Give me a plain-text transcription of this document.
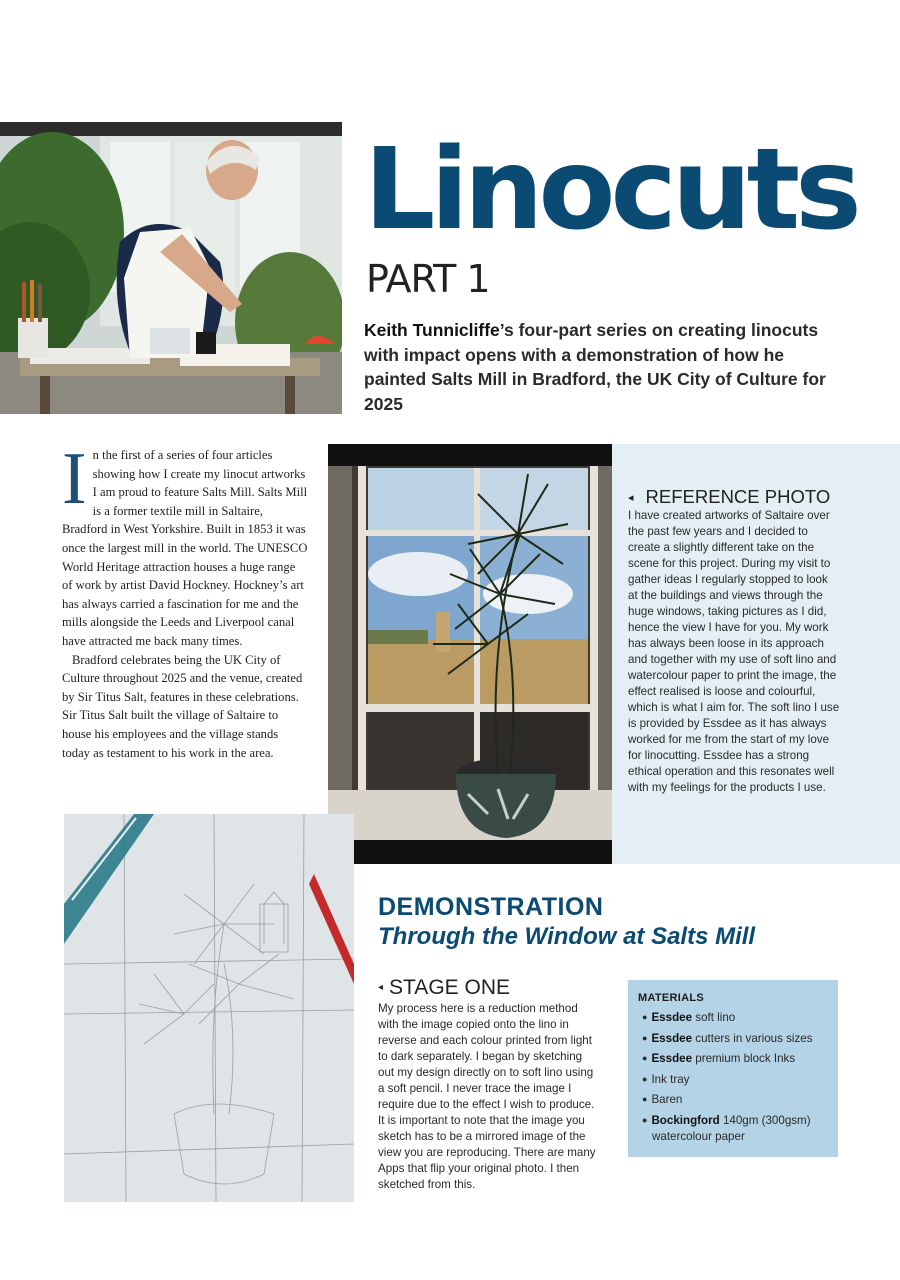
Linocuts
PART 1
Keith Tunnicliffe’s four-part series on creating linocuts with impact opens with a demonstration of how he painted Salts Mill in Bradford, the UK City of Culture for 2025
I n the first of a series of four articles showing how I create my linocut artworks I am proud to feature Salts Mill. Salts Mill is a former textile mill in Saltaire, Bradford in West Yorkshire. Built in 1853 it was once the largest mill in the world. The UNESCO World Heritage attraction houses a huge range of work by artist David Hockney. Hockney’s art has always carried a fascination for me and the mills alongside the Leeds and Liverpool canal have attracted me back many times.

Bradford celebrates being the UK City of Culture throughout 2025 and the venue, created by Sir Titus Salt, features in these celebrations. Sir Titus Salt built the village of Saltaire to house his employees and the village stands today as testament to his work in the area.

◂ REFERENCE PHOTO
I have created artworks of Saltaire over the past few years and I decided to create a slightly different take on the scene for this project. During my visit to gather ideas I regularly stopped to look at the buildings and views through the huge windows, taking pictures as I did, hence the view I have for you. My work has always been loose in its approach and together with my use of soft lino and watercolour paper to print the image, the effect realised is loose and colourful, which is what I aim for. The soft lino I use is provided by Essdee as it has always worked for me from the start of my love for linocutting. Essdee has a strong ethical operation and this resonates well with my feelings for the products I use.
DEMONSTRATION
Through the Window at Salts Mill
◂ STAGE ONE
My process here is a reduction method with the image copied onto the lino in reverse and each colour printed from light to dark separately. I began by sketching out my design directly on to soft lino using a soft pencil. I never trace the image I require due to the effect I wish to produce. It is important to note that the image you sketch has to be a mirrored image of the view you are reproducing. There are many Apps that flip your original photo. I then sketched from this.
MATERIALS
● Essdee soft lino
● Essdee cutters in various sizes
● Essdee premium block Inks
● Ink tray
● Baren
● Bockingford 140gm (300gsm) watercolour paper
